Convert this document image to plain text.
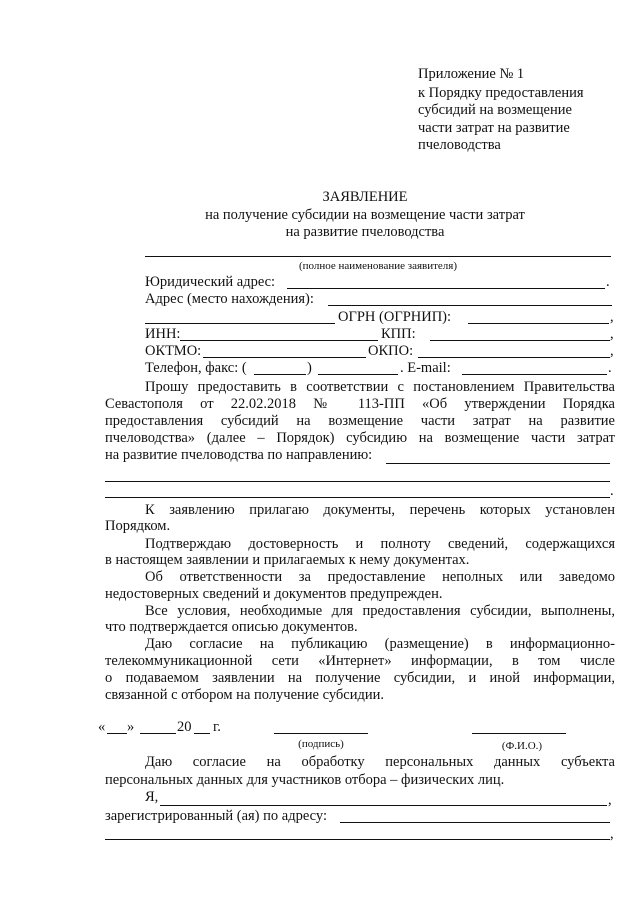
Приложение № 1
к Порядку предоставления
субсидий на возмещение
части затрат на развитие
пчеловодства
ЗАЯВЛЕНИЕ
на получение субсидии на возмещение части затрат
на развитие пчеловодства
(полное наименование заявителя)
Юридический адрес:	.
Адрес (место нахождения):
ОГРН (ОГРНИП):	,
ИНН:	КПП:	,
ОКТМО:	ОКПО:	,
Телефон, факс: (	)	. E-mail:	.
Прошу предоставить в соответствии с постановлением Правительства
Севастополя от 22.02.2018 № 113-ПП «Об утверждении Порядка
предоставления субсидий на возмещение части затрат на развитие
пчеловодства» (далее – Порядок) субсидию на возмещение части затрат
на развитие пчеловодства по направлению:
.
К заявлению прилагаю документы, перечень которых установлен
Порядком.
Подтверждаю достоверность и полноту сведений, содержащихся
в настоящем заявлении и прилагаемых к нему документах.
Об ответственности за предоставление неполных или заведомо
недостоверных сведений и документов предупрежден.
Все условия, необходимые для предоставления субсидии, выполнены,
что подтверждается описью документов.
Даю согласие на публикацию (размещение) в информационно-
телекоммуникационной сети «Интернет» информации, в том числе
о подаваемом заявлении на получение субсидии, и иной информации,
связанной с отбором на получение субсидии.
« »	20 г.
(подпись)	(Ф.И.О.)
Даю согласие на обработку персональных данных субъекта
персональных данных для участников отбора – физических лиц.
Я,	,
зарегистрированный (ая) по адресу:
,
